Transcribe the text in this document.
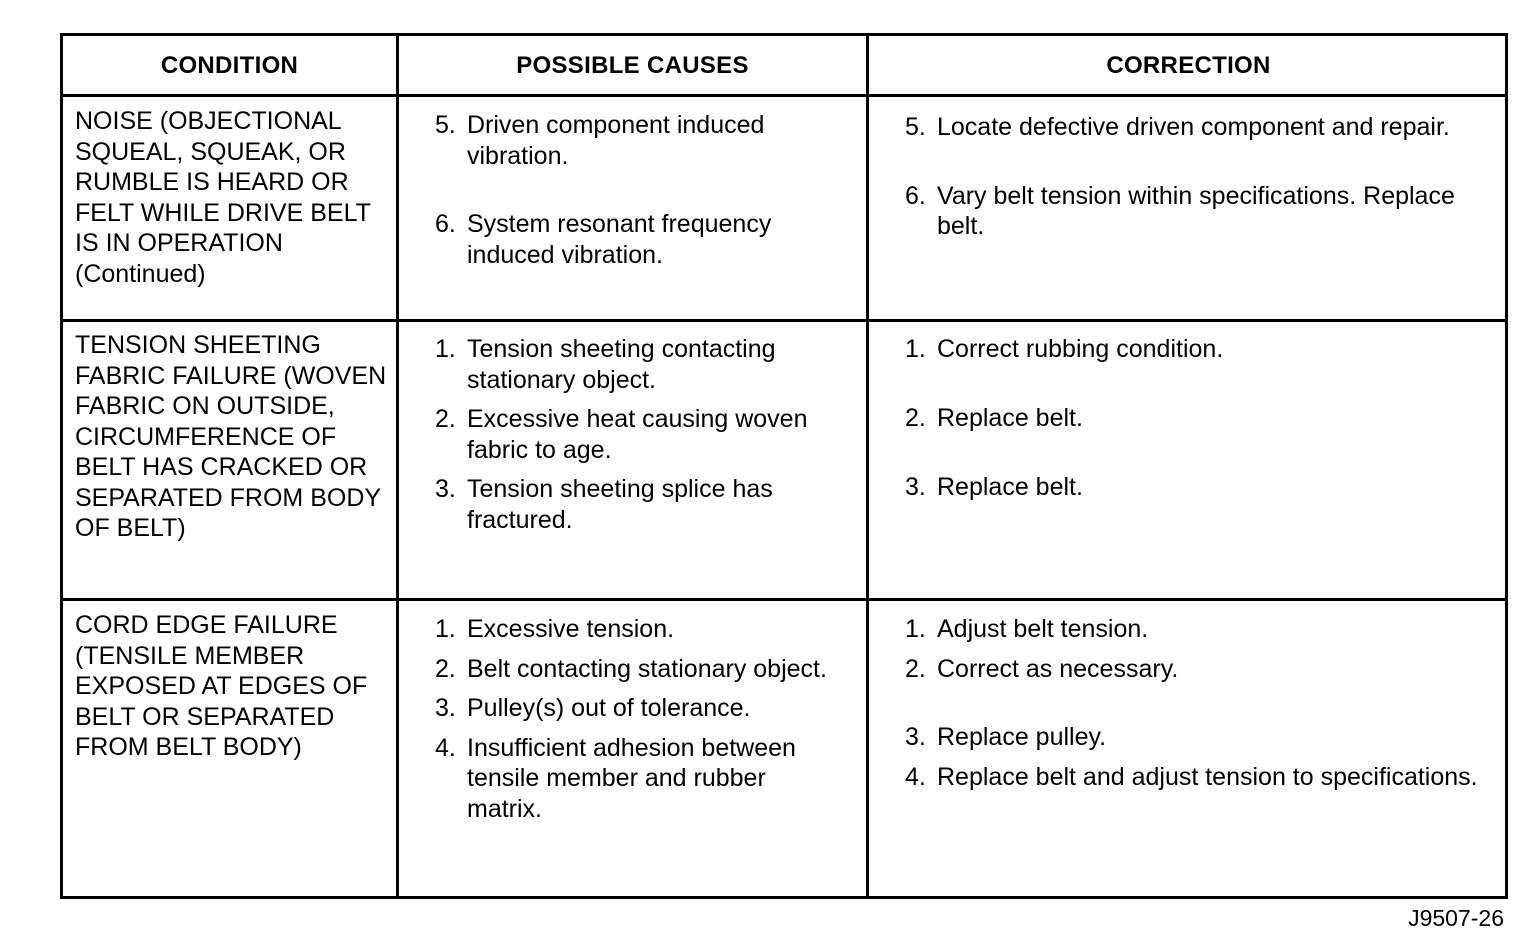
CONDITION	POSSIBLE CAUSES	CORRECTION
NOISE (OBJECTIONAL SQUEAL, SQUEAK, OR RUMBLE IS HEARD OR FELT WHILE DRIVE BELT IS IN OPERATION (Continued)
5. Driven component induced vibration.
6. System resonant frequency induced vibration.
5. Locate defective driven component and repair.
6. Vary belt tension within specifications. Replace belt.
TENSION SHEETING FABRIC FAILURE (WOVEN FABRIC ON OUTSIDE, CIRCUMFERENCE OF BELT HAS CRACKED OR SEPARATED FROM BODY OF BELT)
1. Tension sheeting contacting stationary object.
2. Excessive heat causing woven fabric to age.
3. Tension sheeting splice has fractured.
1. Correct rubbing condition.
2. Replace belt.
3. Replace belt.
CORD EDGE FAILURE (TENSILE MEMBER EXPOSED AT EDGES OF BELT OR SEPARATED FROM BELT BODY)
1. Excessive tension.
2. Belt contacting stationary object.
3. Pulley(s) out of tolerance.
4. Insufficient adhesion between tensile member and rubber matrix.
1. Adjust belt tension.
2. Correct as necessary.
3. Replace pulley.
4. Replace belt and adjust tension to specifications.
J9507-26
